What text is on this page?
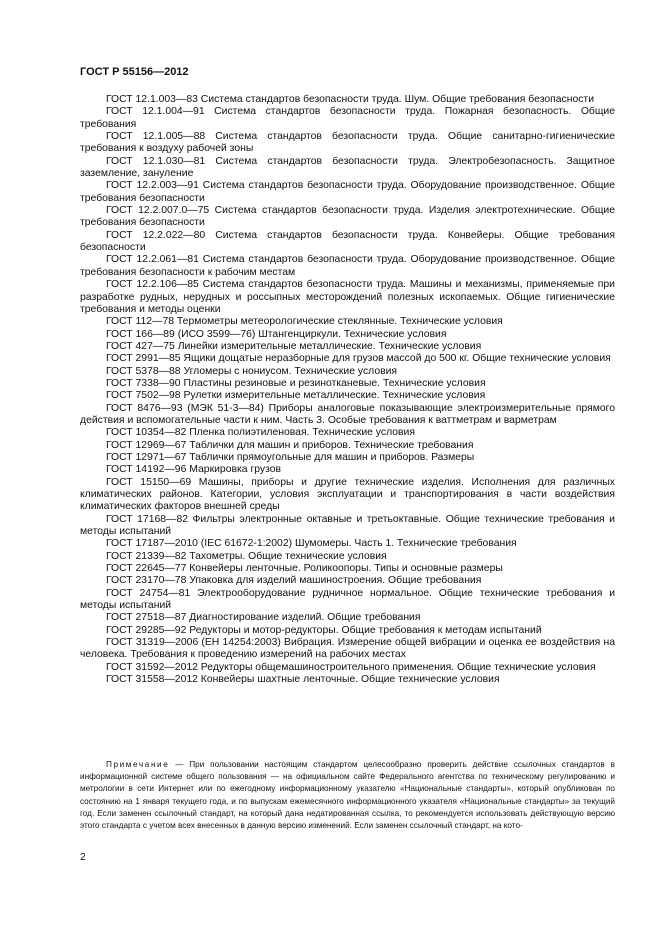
ГОСТ Р 55156—2012

ГОСТ 12.1.003—83 Система стандартов безопасности труда. Шум. Общие требования безопасности

ГОСТ 12.1.004—91 Система стандартов безопасности труда. Пожарная безопасность. Общие требования

ГОСТ 12.1.005—88 Система стандартов безопасности труда. Общие санитарно-гигиенические требования к воздуху рабочей зоны

ГОСТ 12.1.030—81 Система стандартов безопасности труда. Электробезопасность. Защитное заземление, зануление

ГОСТ 12.2.003—91 Система стандартов безопасности труда. Оборудование производственное. Общие требования безопасности

ГОСТ 12.2.007.0—75 Система стандартов безопасности труда. Изделия электротехнические. Общие требования безопасности

ГОСТ 12.2.022—80 Система стандартов безопасности труда. Конвейеры. Общие требования безопасности

ГОСТ 12.2.061—81 Система стандартов безопасности труда. Оборудование производственное. Общие требования безопасности к рабочим местам

ГОСТ 12.2.106—85 Система стандартов безопасности труда. Машины и механизмы, применяемые при разработке рудных, нерудных и россыпных месторождений полезных ископаемых. Общие гигиенические требования и методы оценки

ГОСТ 112—78 Термометры метеорологические стеклянные. Технические условия

ГОСТ 166—89 (ИСО 3599—76) Штангенциркули. Технические условия

ГОСТ 427—75 Линейки измерительные металлические. Технические условия

ГОСТ 2991—85 Ящики дощатые неразборные для грузов массой до 500 кг. Общие технические условия

ГОСТ 5378—88 Угломеры с нониусом. Технические условия

ГОСТ 7338—90 Пластины резиновые и резинотканевые. Технические условия

ГОСТ 7502—98 Рулетки измерительные металлические. Технические условия

ГОСТ 8476—93 (МЭК 51-3—84) Приборы аналоговые показывающие электроизмерительные прямого действия и вспомогательные части к ним. Часть 3. Особые требования к ваттметрам и варметрам

ГОСТ 10354—82 Пленка полиэтиленовая. Технические условия

ГОСТ 12969—67 Таблички для машин и приборов. Технические требования

ГОСТ 12971—67 Таблички прямоугольные для машин и приборов. Размеры

ГОСТ 14192—96 Маркировка грузов

ГОСТ 15150—69 Машины, приборы и другие технические изделия. Исполнения для различных климатических районов. Категории, условия эксплуатации и транспортирования в части воздействия климатических факторов внешней среды

ГОСТ 17168—82 Фильтры электронные октавные и третьоктавные. Общие технические требования и методы испытаний

ГОСТ 17187—2010 (IEC 61672-1:2002) Шумомеры. Часть 1. Технические требования

ГОСТ 21339—82 Тахометры. Общие технические условия

ГОСТ 22645—77 Конвейеры ленточные. Роликоопоры. Типы и основные размеры

ГОСТ 23170—78 Упаковка для изделий машиностроения. Общие требования

ГОСТ 24754—81 Электрооборудование рудничное нормальное. Общие технические требования и методы испытаний

ГОСТ 27518—87 Диагностирование изделий. Общие требования

ГОСТ 29285—92 Редукторы и мотор-редукторы. Общие требования к методам испытаний

ГОСТ 31319—2006 (ЕН 14254:2003) Вибрация. Измерение общей вибрации и оценка ее воздействия на человека. Требования к проведению измерений на рабочих местах

ГОСТ 31592—2012 Редукторы общемашиностроительного применения. Общие технические условия

ГОСТ 31558—2012 Конвейеры шахтные ленточные. Общие технические условия

Примечание — При пользовании настоящим стандартом целесообразно проверить действие ссылочных стандартов в информационной системе общего пользования — на официальном сайте Федерального агентства по техническому регулированию и метрологии в сети Интернет или по ежегодному информационному указателю «Национальные стандарты», который опубликован по состоянию на 1 января текущего года, и по выпускам ежемесячного информационного указателя «Национальные стандарты» за текущий год. Если заменен ссылочный стандарт, на который дана недатированная ссылка, то рекомендуется использовать действующую версию этого стандарта с учетом всех внесенных в данную версию изменений. Если заменен ссылочный стандарт, на кото-
2
